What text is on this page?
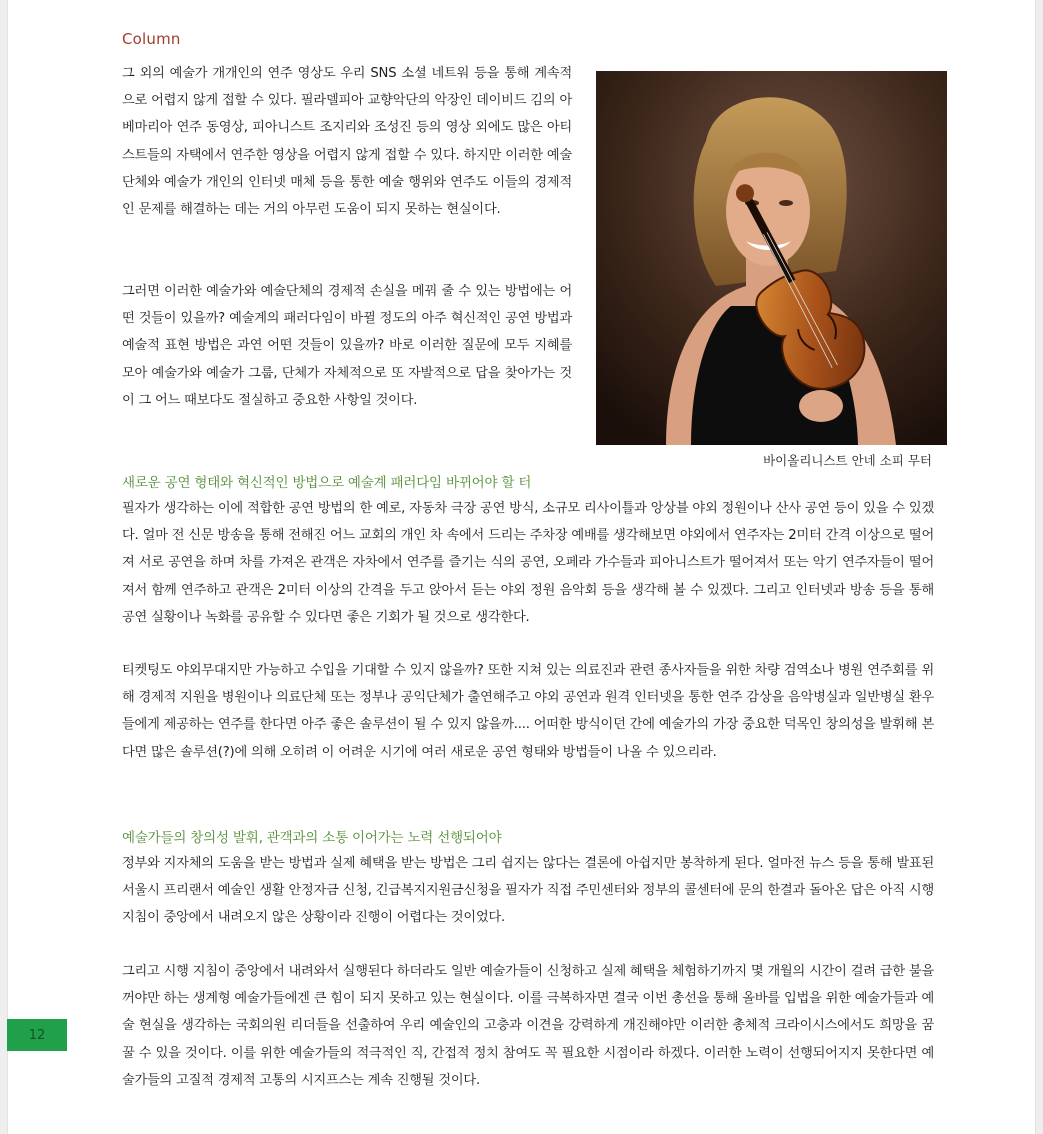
Column

그 외의 예술가 개개인의 연주 영상도 우리 SNS 소셜 네트워 등을 통해 계속적으로 어렵지 않게 접할 수 있다. 필라델피아 교향악단의 악장인 데이비드 김의 아베마리아 연주 동영상, 피아니스트 조지리와 조성진 등의 영상 외에도 많은 아티스트들의 자택에서 연주한 영상을 어렵지 않게 접할 수 있다. 하지만 이러한 예술단체와 예술가 개인의 인터넷 매체 등을 통한 예술 행위와 연주도 이들의 경제적인 문제를 해결하는 데는 거의 아무런 도움이 되지 못하는 현실이다.

그러면 이러한 예술가와 예술단체의 경제적 손실을 메꿔 줄 수 있는 방법에는 어떤 것들이 있을까? 예술계의 패러다임이 바뀔 정도의 아주 혁신적인 공연 방법과 예술적 표현 방법은 과연 어떤 것들이 있을까? 바로 이러한 질문에 모두 지혜를 모아 예술가와 예술가 그룹, 단체가 자체적으로 또 자발적으로 답을 찾아가는 것이 그 어느 때보다도 절실하고 중요한 사항일 것이다.

바이올리니스트 안네 소피 무터

새로운 공연 형태와 혁신적인 방법으로 예술계 패러다임 바뀌어야 할 터

필자가 생각하는 이에 적합한 공연 방법의 한 예로, 자동차 극장 공연 방식, 소규모 리사이틀과 앙상블 야외 정원이나 산사 공연 등이 있을 수 있겠다. 얼마 전 신문 방송을 통해 전해진 어느 교회의 개인 차 속에서 드리는 주차장 예배를 생각해보면 야외에서 연주자는 2미터 간격 이상으로 떨어져 서로 공연을 하며 차를 가져온 관객은 자차에서 연주를 즐기는 식의 공연, 오페라 가수들과 피아니스트가 떨어져서 또는 악기 연주자들이 떨어져서 함께 연주하고 관객은 2미터 이상의 간격을 두고 앉아서 듣는 야외 정원 음악회 등을 생각해 볼 수 있겠다. 그리고 인터넷과 방송 등을 통해 공연 실황이나 녹화를 공유할 수 있다면 좋은 기회가 될 것으로 생각한다.

티켓팅도 야외무대지만 가능하고 수입을 기대할 수 있지 않을까? 또한 지쳐 있는 의료진과 관련 종사자들을 위한 차량 검역소나 병원 연주회를 위해 경제적 지원을 병원이나 의료단체 또는 정부나 공익단체가 출연해주고 야외 공연과 원격 인터넷을 통한 연주 감상을 음악병실과 일반병실 환우들에게 제공하는 연주를 한다면 아주 좋은 솔루션이 될 수 있지 않을까.... 어떠한 방식이던 간에 예술가의 가장 중요한 덕목인 창의성을 발휘해 본다면 많은 솔루션(?)에 의해 오히려 이 어려운 시기에 여러 새로운 공연 형태와 방법들이 나올 수 있으리라.

예술가들의 창의성 발휘, 관객과의 소통 이어가는 노력 선행되어야

정부와 지자체의 도움을 받는 방법과 실제 혜택을 받는 방법은 그리 쉽지는 않다는 결론에 아쉽지만 봉착하게 된다. 얼마전 뉴스 등을 통해 발표된 서울시 프리랜서 예술인 생활 안정자금 신청, 긴급복지지원금신청을 필자가 직접 주민센터와 정부의 콜센터에 문의 한결과 돌아온 답은 아직 시행 지침이 중앙에서 내려오지 않은 상황이라 진행이 어렵다는 것이었다.

그리고 시행 지침이 중앙에서 내려와서 실행된다 하더라도 일반 예술가들이 신청하고 실제 혜택을 체험하기까지 몇 개월의 시간이 걸려 급한 불을 꺼야만 하는 생계형 예술가들에겐 큰 힘이 되지 못하고 있는 현실이다. 이를 극복하자면 결국 이번 총선을 통해 올바를 입법을 위한 예술가들과 예술 현실을 생각하는 국회의원 리더들을 선출하여 우리 예술인의 고충과 이견을 강력하게 개진해야만 이러한 총체적 크라이시스에서도 희망을 꿈꿀 수 있을 것이다. 이를 위한 예술가들의 적극적인 직, 간접적 정치 참여도 꼭 필요한 시점이라 하겠다. 이러한 노력이 선행되어지지 못한다면 예술가들의 고질적 경제적 고통의 시지프스는 계속 진행될 것이다.

12
